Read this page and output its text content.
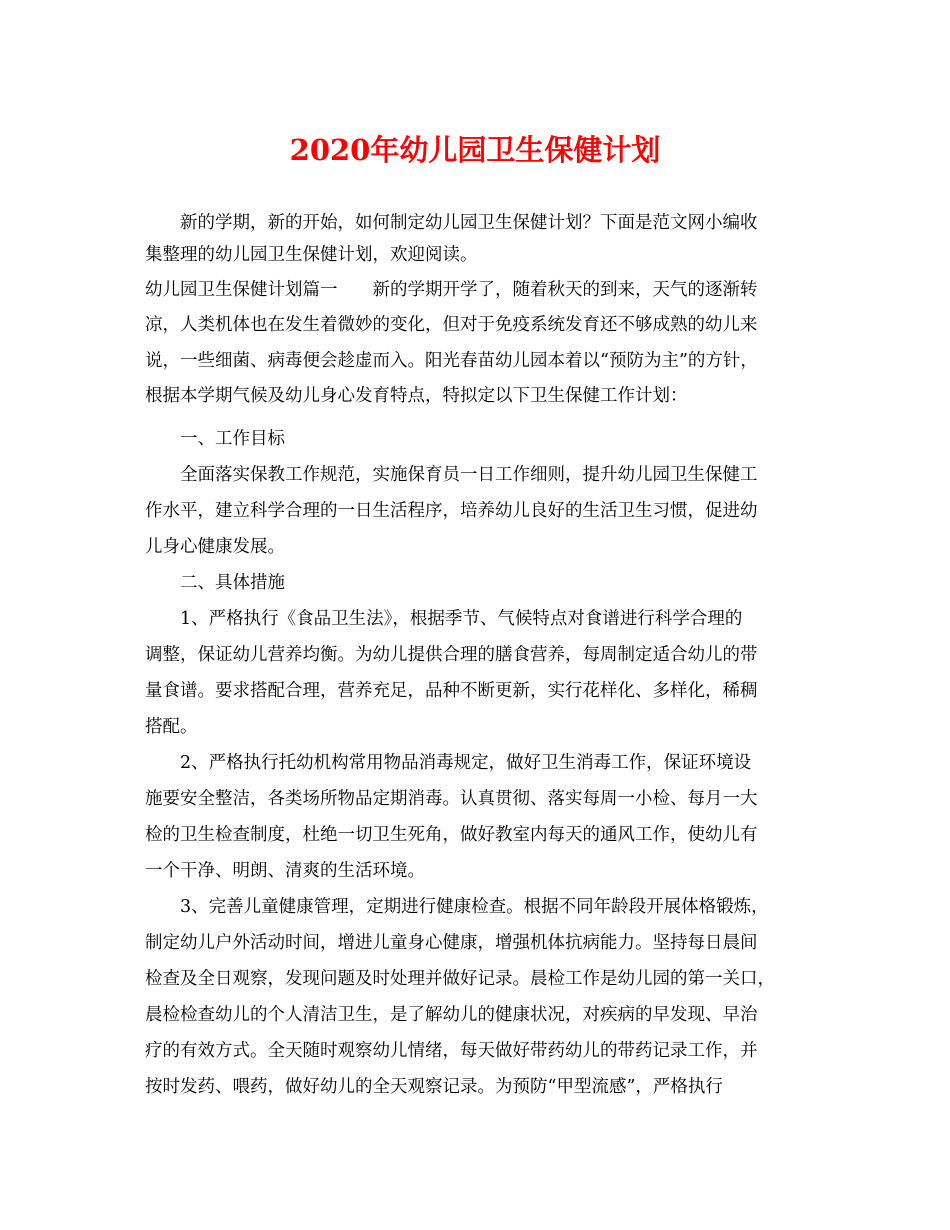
2020年幼儿园卫生保健计划

新的学期，新的开始，如何制定幼儿园卫生保健计划？下面是范文网小编收

集整理的幼儿园卫生保健计划，欢迎阅读。

幼儿园卫生保健计划篇一　　新的学期开学了，随着秋天的到来，天气的逐渐转

凉，人类机体也在发生着微妙的变化，但对于免疫系统发育还不够成熟的幼儿来

说，一些细菌、病毒便会趁虚而入。阳光春苗幼儿园本着以“预防为主”的方针，

根据本学期气候及幼儿身心发育特点，特拟定以下卫生保健工作计划：

一、工作目标

全面落实保教工作规范，实施保育员一日工作细则，提升幼儿园卫生保健工

作水平，建立科学合理的一日生活程序，培养幼儿良好的生活卫生习惯，促进幼

儿身心健康发展。

二、具体措施

1、严格执行《食品卫生法》，根据季节、气候特点对食谱进行科学合理的

调整，保证幼儿营养均衡。为幼儿提供合理的膳食营养，每周制定适合幼儿的带

量食谱。要求搭配合理，营养充足，品种不断更新，实行花样化、多样化，稀稠

搭配。

2、严格执行托幼机构常用物品消毒规定，做好卫生消毒工作，保证环境设

施要安全整洁，各类场所物品定期消毒。认真贯彻、落实每周一小检、每月一大

检的卫生检查制度，杜绝一切卫生死角，做好教室内每天的通风工作，使幼儿有

一个干净、明朗、清爽的生活环境。

3、完善儿童健康管理，定期进行健康检查。根据不同年龄段开展体格锻炼，

制定幼儿户外活动时间，增进儿童身心健康，增强机体抗病能力。坚持每日晨间

检查及全日观察，发现问题及时处理并做好记录。晨检工作是幼儿园的第一关口，

晨检检查幼儿的个人清洁卫生，是了解幼儿的健康状况，对疾病的早发现、早治

疗的有效方式。全天随时观察幼儿情绪，每天做好带药幼儿的带药记录工作，并

按时发药、喂药，做好幼儿的全天观察记录。为预防“甲型流感”，严格执行
